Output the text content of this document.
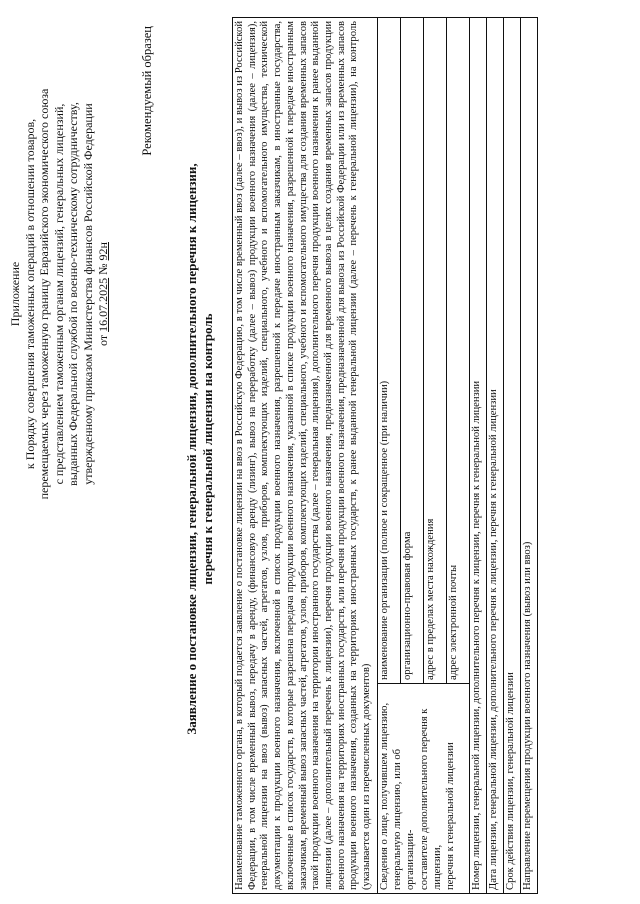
Приложение к Порядку совершения таможенных операций в отношении товаров, перемещаемых через таможенную границу Евразийского экономического союза с представлением таможенным органам лицензий, генеральных лицензий, выданных Федеральной службой по военно-техническому сотрудничеству, утвержденному приказом Министерства финансов Российской Федерации от 16.07.2025 № 92н
Рекомендуемый образец
Заявление о постановке лицензии, генеральной лицензии, дополнительного перечня к лицензии, перечня к генеральной лицензии на контроль Наименование таможенного органа, в который подается заявление о постановке лицензии на ввоз в Российскую Федерацию, в том числе временный ввоз (далее – ввоз), и вывоз из Российской Федерации, в том числе временный вывоз, передачу в аренду, (финансовую аренду (лизинг), вывоз на переработку (далее – вывоз) продукции военного назначения (далее – лицензия), генеральной лицензии на ввоз (вывоз) запасных частей, агрегатов, узлов, приборов, комплектующих изделий, специального, учебного и вспомогательного имущества, технической документации к продукции военного назначения, включенной в список продукции военного назначения, разрешенной к передаче иностранным заказчикам, в иностранные государства, включенные в список государств, в которые разрешена передача продукции военного назначения, указанной в списке продукции военного назначения, разрешенной к передаче иностранным заказчикам, временный вывоз запасных частей, агрегатов, узлов, приборов, комплектующих изделий, специального, учебного и вспомогательного имущества для создания временных запасов такой продукции военного назначения на территории иностранного государства (далее – генеральная лицензия), дополнительного перечня продукции военного назначения к ранее выданной лицензии (далее – дополнительный перечень к лицензии), перечня продукции военного назначения, предназначенной для временного вывоза в целях создания временных запасов продукции военного назначения на территориях иностранных государств, или перечня продукции военного назначения, предназначенной для вывоза из Российской Федерации или из временных запасов продукции военного назначения, созданных на территориях иностранных государств, к ранее выданной генеральной лицензии (далее – перечень к генеральной лицензии), на контроль (указывается один из перечисленных документов)

Сведения о лице, получившем лицензию, генеральную лицензию, или об организации- составителе дополнительного перечня к лицензии, перечня к генеральной лицензии
	наименование организации (полное и сокращенное (при наличии)
организационно-правовая форма
адрес в пределах места нахождения
адрес электронной почты
Номер лицензии, генеральной лицензии, дополнительного перечня к лицензии, перечня к генеральной лицензии
Дата лицензии, генеральной лицензии, дополнительного перечня к лицензии, перечня к генеральной лицензии
Срок действия лицензии, генеральной лицензии
Направление перемещения продукции военного назначения (вывоз или ввоз)
